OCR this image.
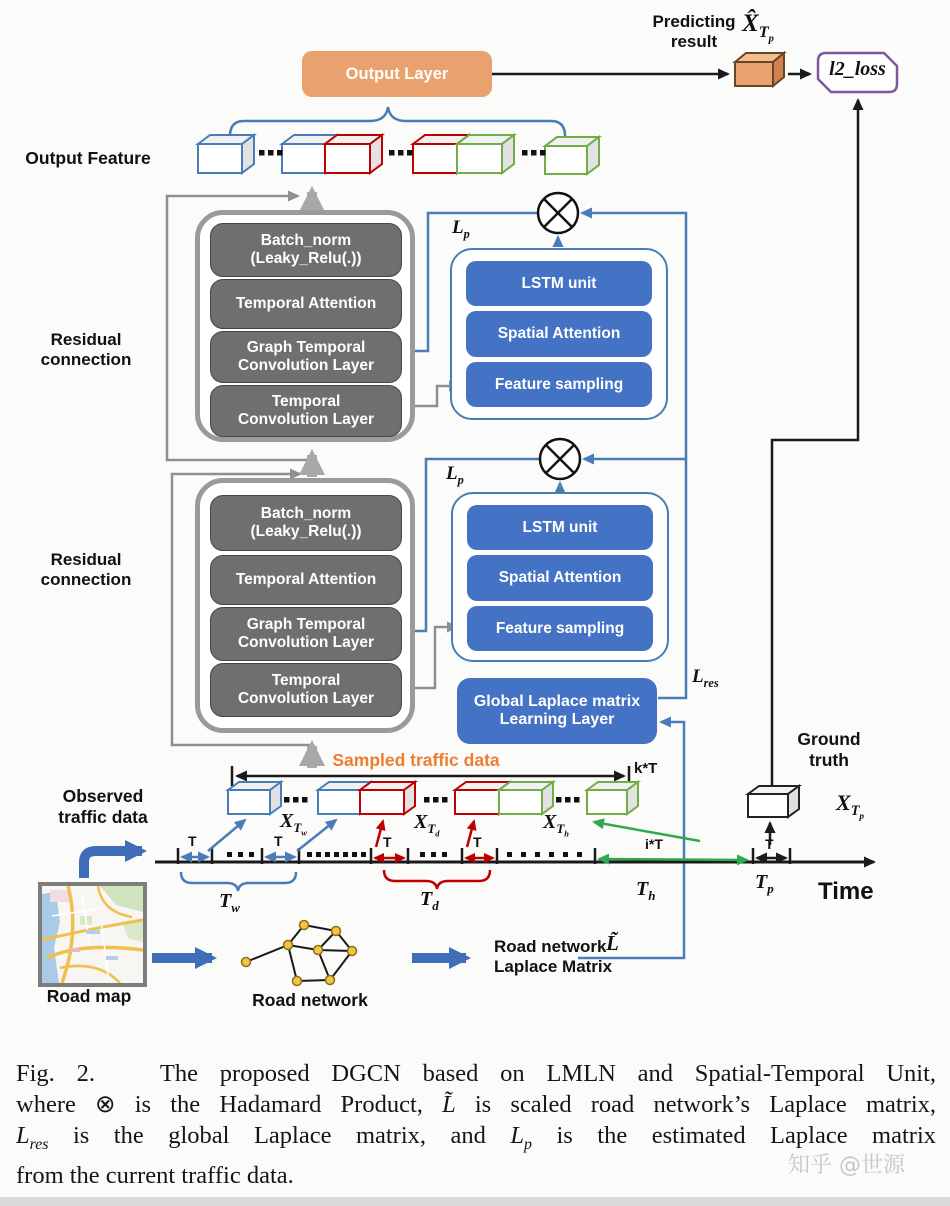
Predicting
result
$X̂_{T_p}$
Output Layer	l2_loss
Output Feature
Batch_norm
(Leaky_Relu(.))
Temporal Attention
Graph Temporal
Convolution Layer
Temporal
Convolution Layer
Residual
connection
Batch_norm
(Leaky_Relu(.))
Temporal Attention
Graph Temporal
Convolution Layer
Temporal
Convolution Layer
Residual
connection
LSTM unit
Spatial Attention
Feature sampling
$L_p$
LSTM unit
Spatial Attention
Feature sampling
$L_p$
Global Laplace matrix
Learning Layer
$L_{res}$
Ground
truth
$X_{T_p}$
Sampled traffic data	k*T
$X_{T_w}$	$X_{T_d}$
$X_{T_h}$
T	T	T	T	T
i*T
$T_w$	$T_d$
$T_h$
$T_p$ Time
Observed
traffic data
Road map	Road network
Road network
Laplace Matrix
L̃
Fig. 2.	The proposed DGCN based on LMLN and Spatial-Temporal Unit,
where ⊗ is the Hadamard Product, L̃ is scaled road network’s Laplace matrix,
$L_{res}$ is the global Laplace matrix, and $L_p$ is the estimated Laplace matrix
from the current traffic data.	知乎 @世源
